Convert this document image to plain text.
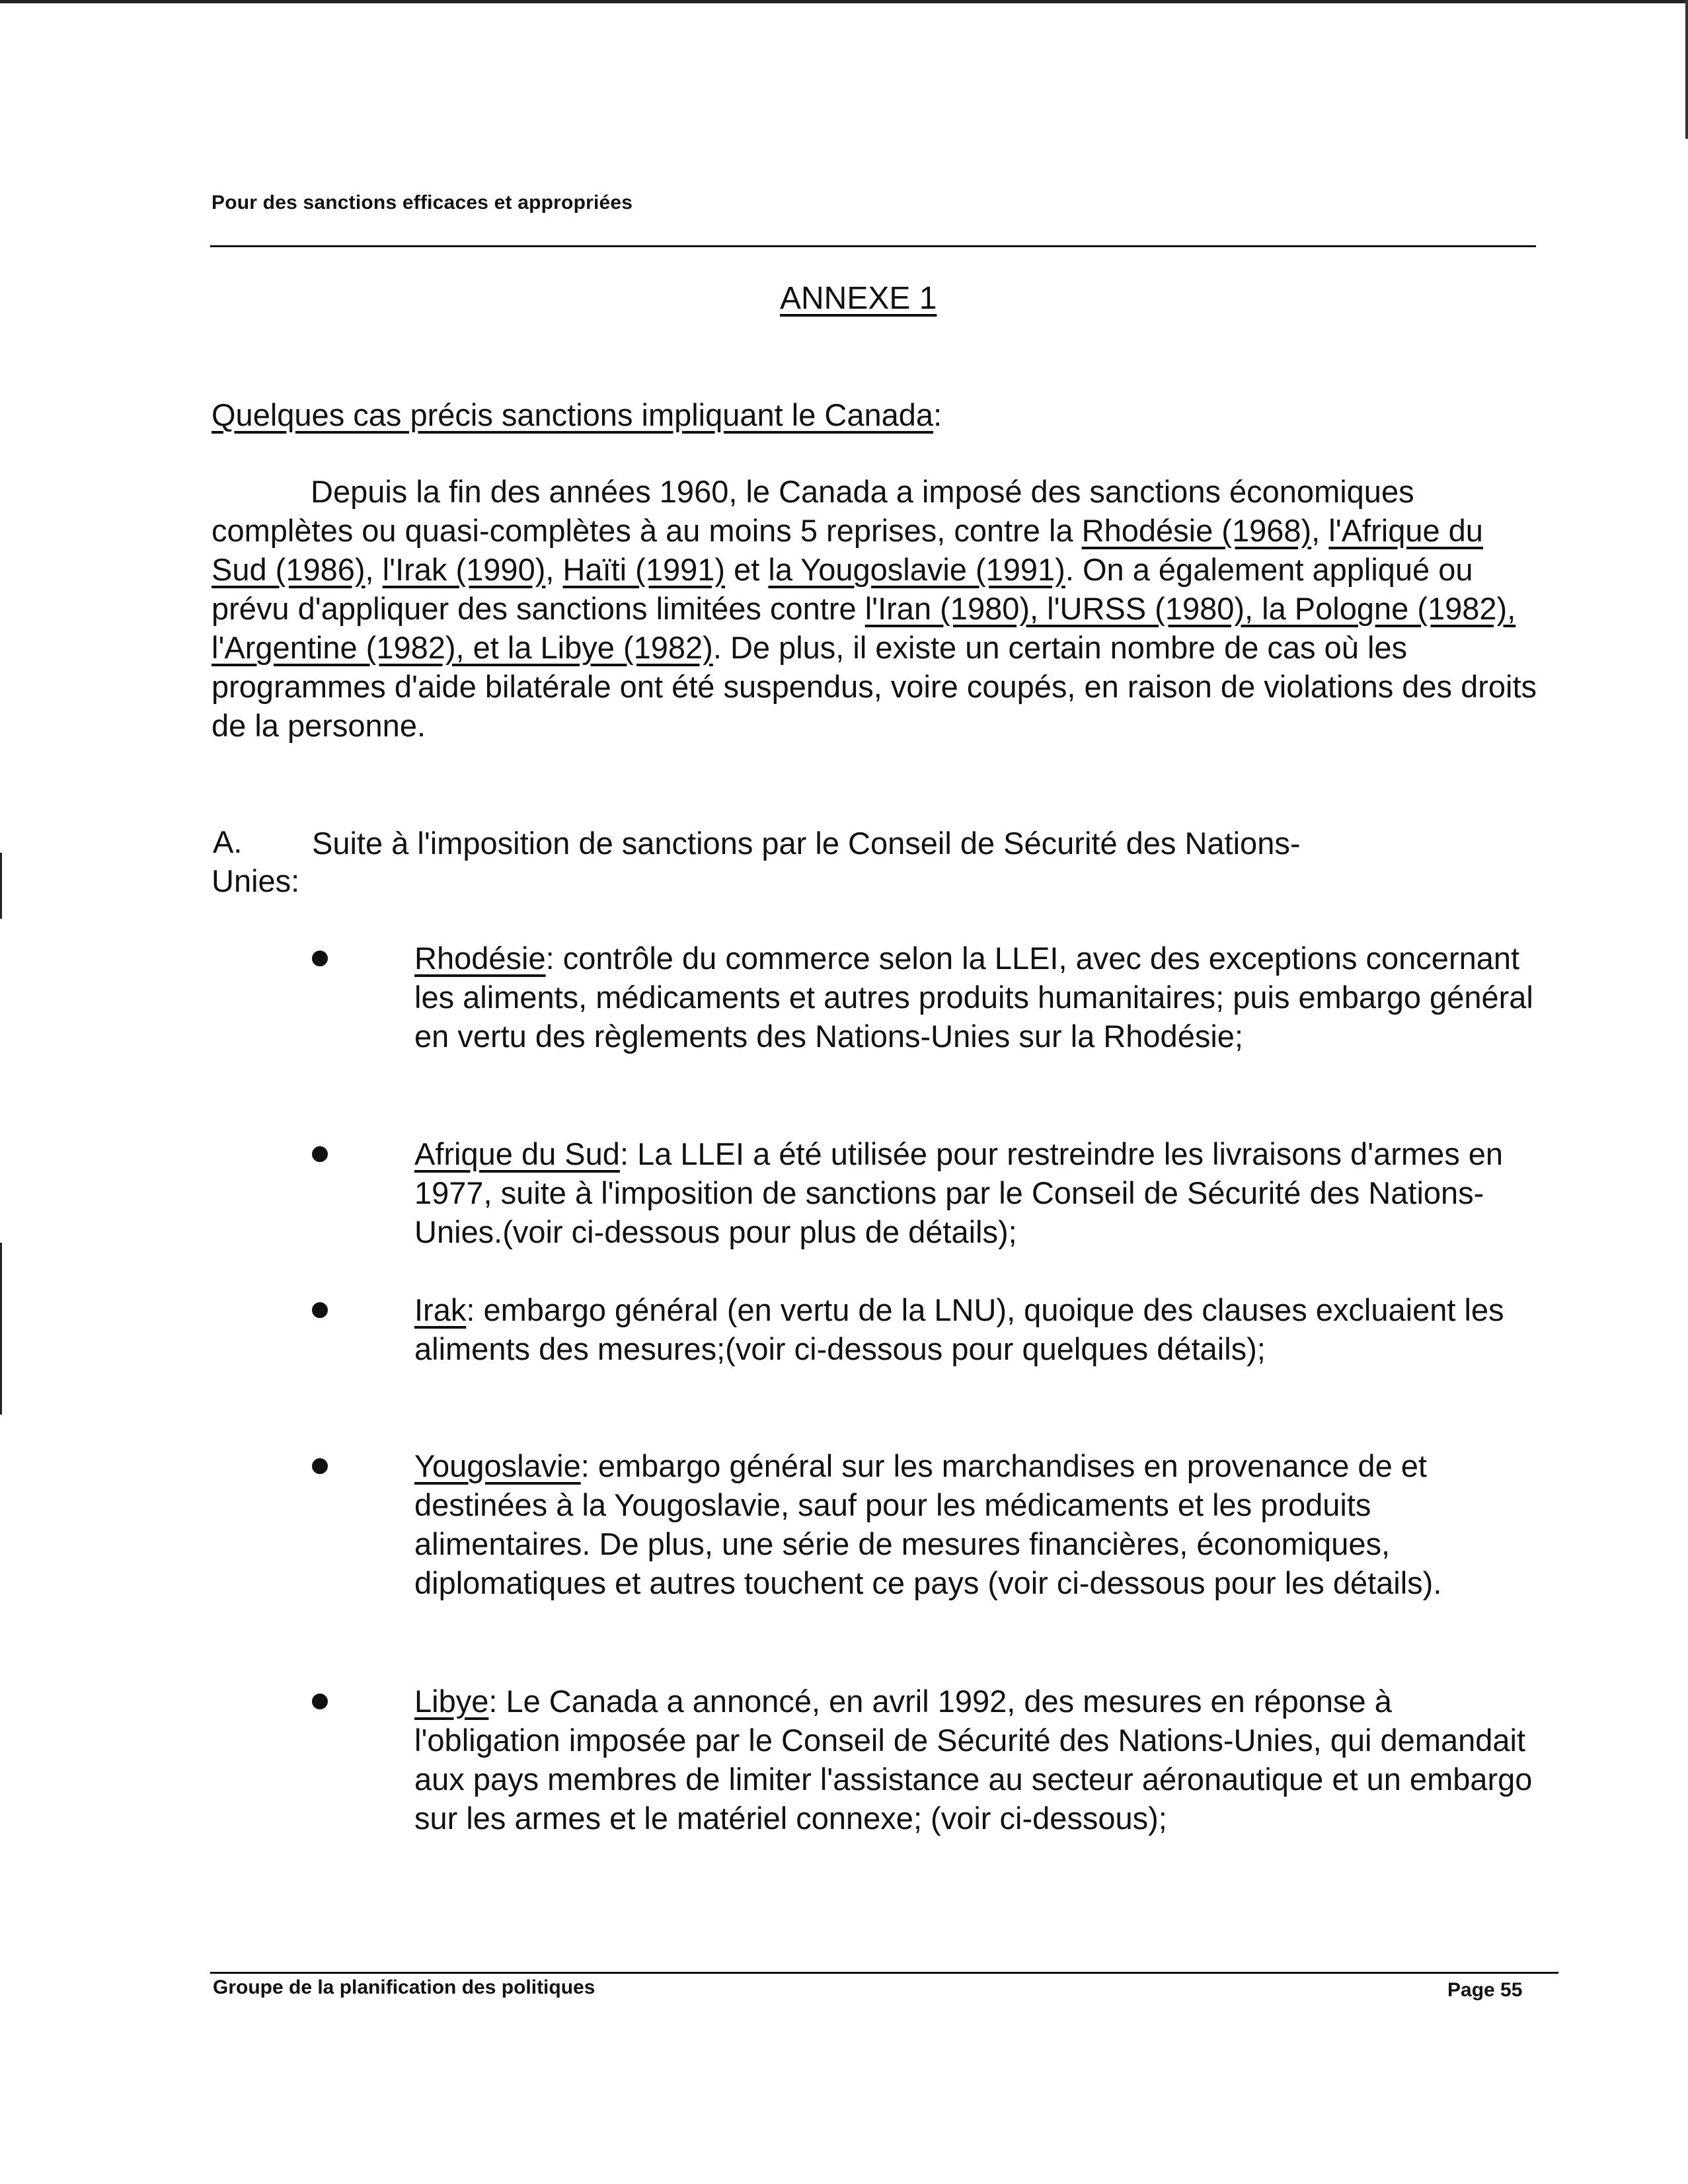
Pour des sanctions efficaces et appropriées
ANNEXE 1
Quelques cas précis sanctions impliquant le Canada:

Depuis la fin des années 1960, le Canada a imposé des sanctions économiques complètes ou quasi-complètes à au moins 5 reprises, contre la Rhodésie (1968), l'Afrique du Sud (1986), l'Irak (1990), Haïti (1991) et la Yougoslavie (1991). On a également appliqué ou prévu d'appliquer des sanctions limitées contre l'Iran (1980), l'URSS (1980), la Pologne (1982), l'Argentine (1982), et la Libye (1982). De plus, il existe un certain nombre de cas où les programmes d'aide bilatérale ont été suspendus, voire coupés, en raison de violations des droits de la personne.

A. Suite à l'imposition de sanctions par le Conseil de Sécurité des Nations-
Unies:
Rhodésie: contrôle du commerce selon la LLEI, avec des exceptions concernant les aliments, médicaments et autres produits humanitaires; puis embargo général en vertu des règlements des Nations-Unies sur la Rhodésie;
Afrique du Sud: La LLEI a été utilisée pour restreindre les livraisons d'armes en 1977, suite à l'imposition de sanctions par le Conseil de Sécurité des Nations-Unies.(voir ci-dessous pour plus de détails);
Irak: embargo général (en vertu de la LNU), quoique des clauses excluaient les aliments des mesures;(voir ci-dessous pour quelques détails);
Yougoslavie: embargo général sur les marchandises en provenance de et destinées à la Yougoslavie, sauf pour les médicaments et les produits alimentaires. De plus, une série de mesures financières, économiques, diplomatiques et autres touchent ce pays (voir ci-dessous pour les détails).
Libye: Le Canada a annoncé, en avril 1992, des mesures en réponse à l'obligation imposée par le Conseil de Sécurité des Nations-Unies, qui demandait aux pays membres de limiter l'assistance au secteur aéronautique et un embargo sur les armes et le matériel connexe; (voir ci-dessous);
Groupe de la planification des politiques	Page 55
